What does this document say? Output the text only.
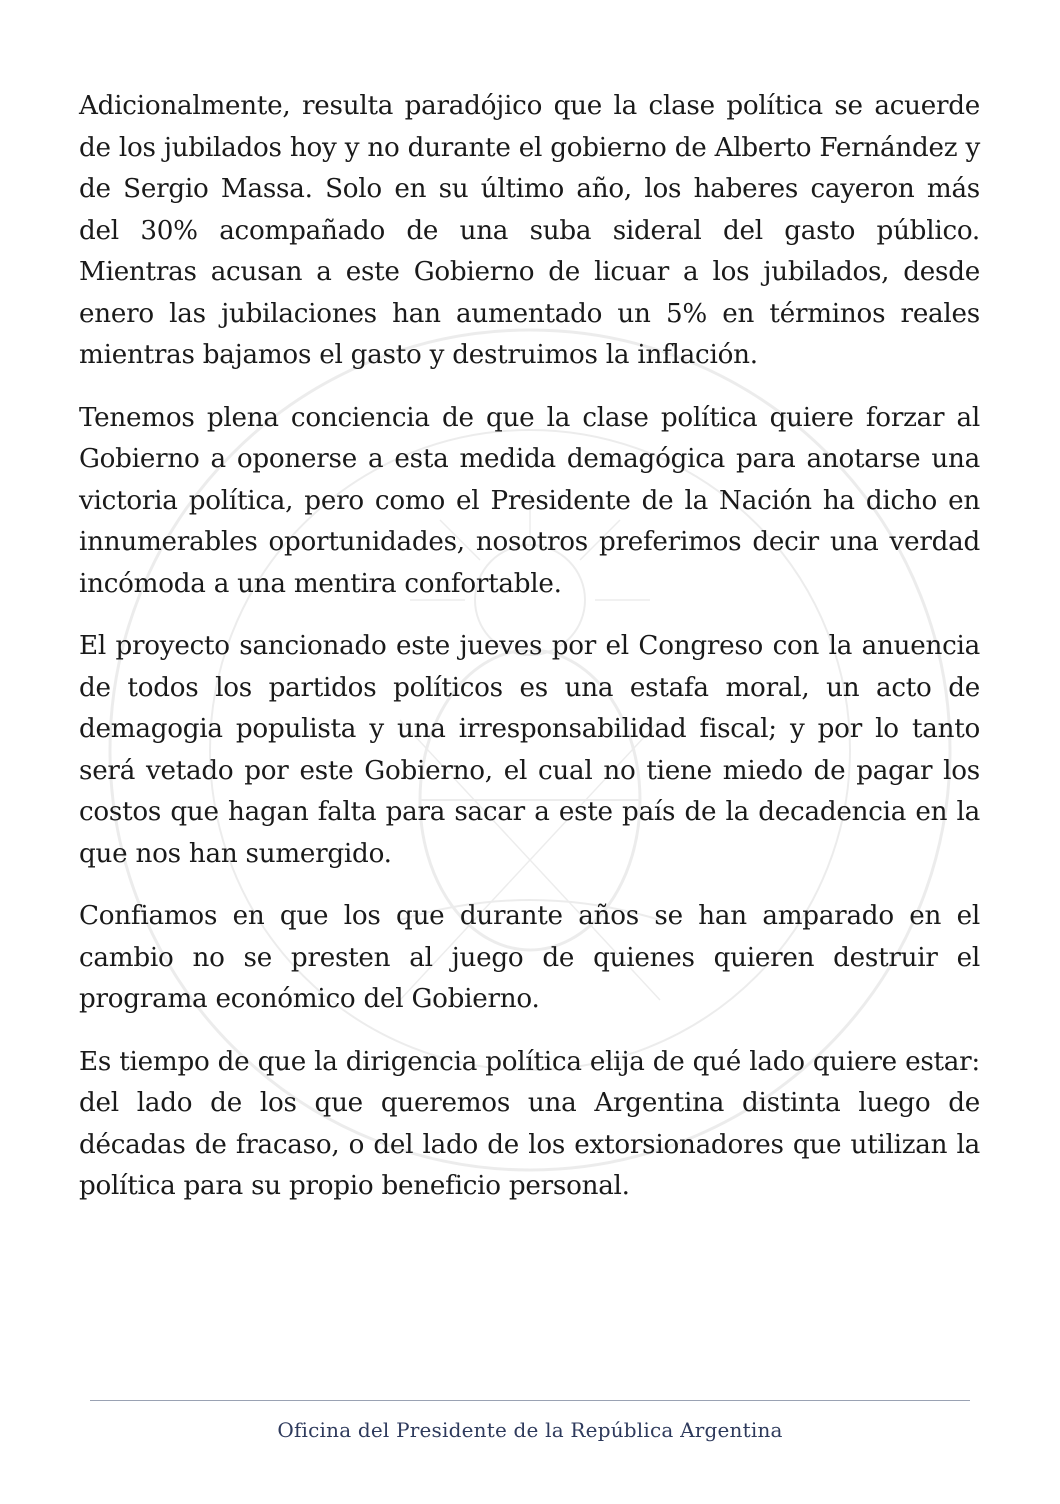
Adicionalmente, resulta paradójico que la clase política se acuerde de los jubilados hoy y no durante el gobierno de Alberto Fernández y de Sergio Massa. Solo en su último año, los haberes cayeron más del 30% acompañado de una suba sideral del gasto público. Mientras acusan a este Gobierno de licuar a los jubilados, desde enero las jubilaciones han aumentado un 5% en términos reales mientras bajamos el gasto y destruimos la inflación.

Tenemos plena conciencia de que la clase política quiere forzar al Gobierno a oponerse a esta medida demagógica para anotarse una victoria política, pero como el Presidente de la Nación ha dicho en innumerables oportunidades, nosotros preferimos decir una verdad incómoda a una mentira confortable.

El proyecto sancionado este jueves por el Congreso con la anuencia de todos los partidos políticos es una estafa moral, un acto de demagogia populista y una irresponsabilidad fiscal; y por lo tanto será vetado por este Gobierno, el cual no tiene miedo de pagar los costos que hagan falta para sacar a este país de la decadencia en la que nos han sumergido.

Confiamos en que los que durante años se han amparado en el cambio no se presten al juego de quienes quieren destruir el programa económico del Gobierno.

Es tiempo de que la dirigencia política elija de qué lado quiere estar: del lado de los que queremos una Argentina distinta luego de décadas de fracaso, o del lado de los extorsionadores que utilizan la política para su propio beneficio personal.

Oficina del Presidente de la República Argentina
